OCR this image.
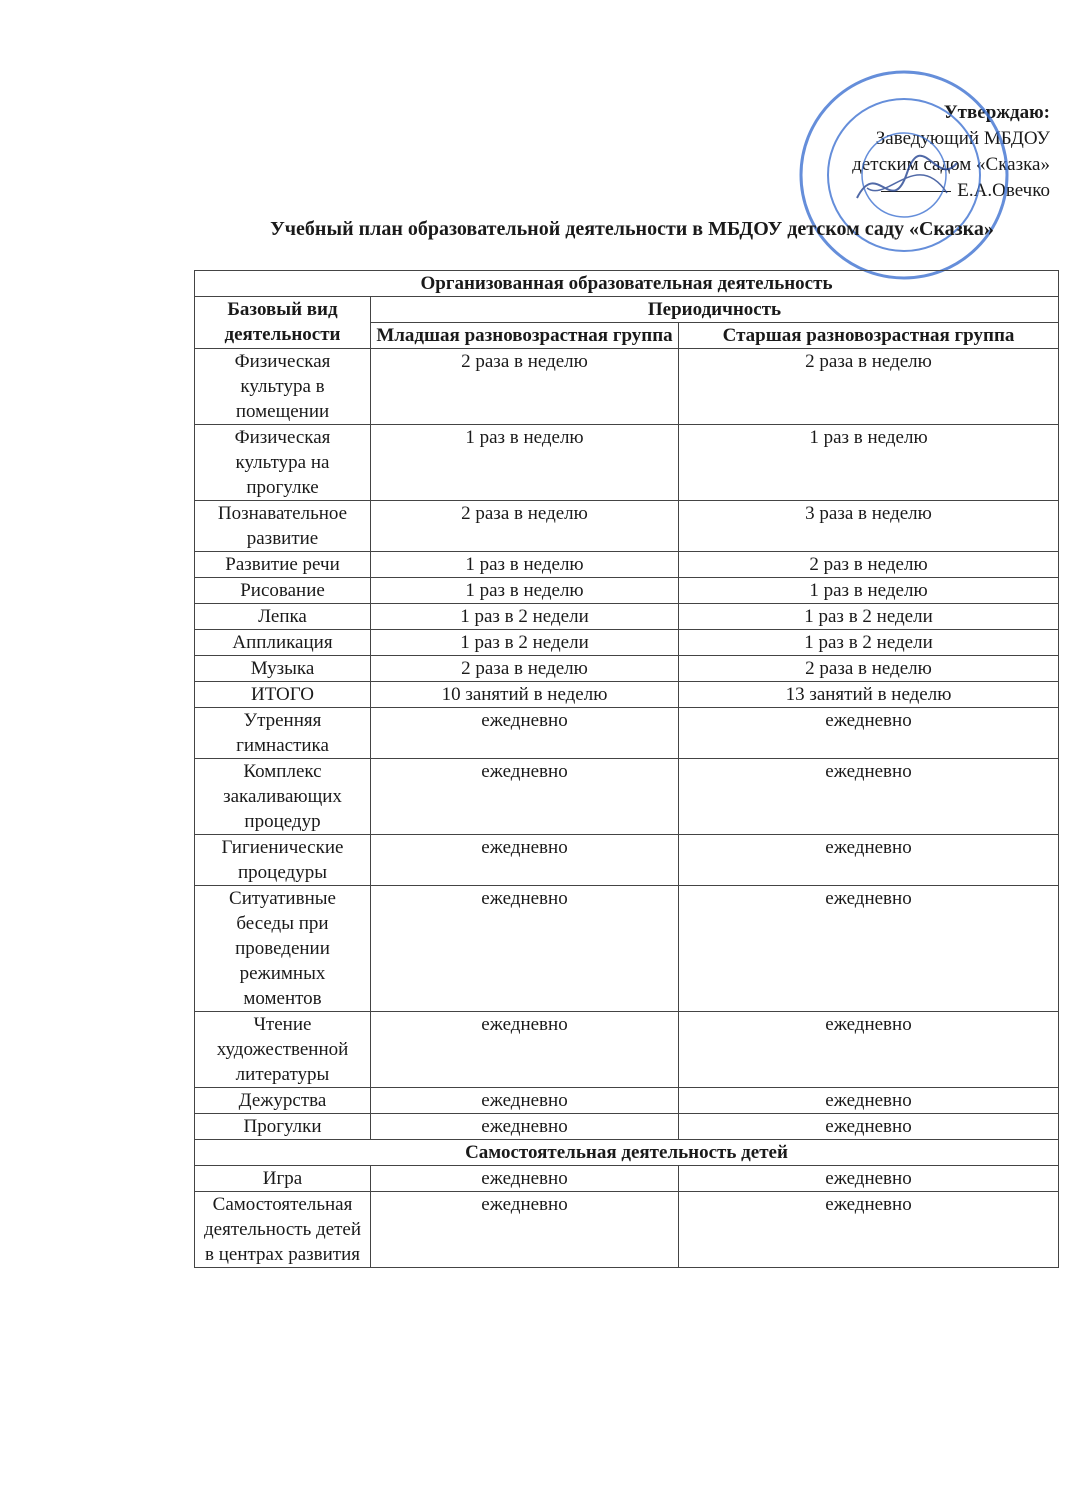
Утверждаю:
Заведующий МБДОУ
детским садом «Сказка»
Е.А.Овечко
Учебный план образовательной деятельности в МБДОУ детском саду «Сказка»
Организованная образовательная деятельность		
Базовый вид деятельности	Периодичность	
	Младшая разновозрастная группа	Старшая разновозрастная группа
Физическая культура в помещении	2 раза в неделю	2 раза в неделю
Физическая культура на прогулке	1 раз в неделю	1 раз в неделю
Познавательное развитие	2 раза в неделю	3 раза в неделю
Развитие речи	1 раз в неделю	2 раз в неделю
Рисование	1 раз в неделю	1 раз в неделю
Лепка	1 раз в 2 недели	1 раз в 2 недели
Аппликация	1 раз в 2 недели	1 раз в 2 недели
Музыка	2 раза в неделю	2 раза в неделю
ИТОГО	10 занятий в неделю	13 занятий в неделю
Утренняя гимнастика	ежедневно	ежедневно
Комплекс закаливающих процедур	ежедневно	ежедневно
Гигиенические процедуры	ежедневно	ежедневно
Ситуативные беседы при проведении режимных моментов	ежедневно	ежедневно
Чтение художественной литературы	ежедневно	ежедневно
Дежурства	ежедневно	ежедневно
Прогулки	ежедневно	ежедневно
Самостоятельная деятельность детей		
Игра	ежедневно	ежедневно
Самостоятельная деятельность детей в центрах развития	ежедневно	ежедневно
